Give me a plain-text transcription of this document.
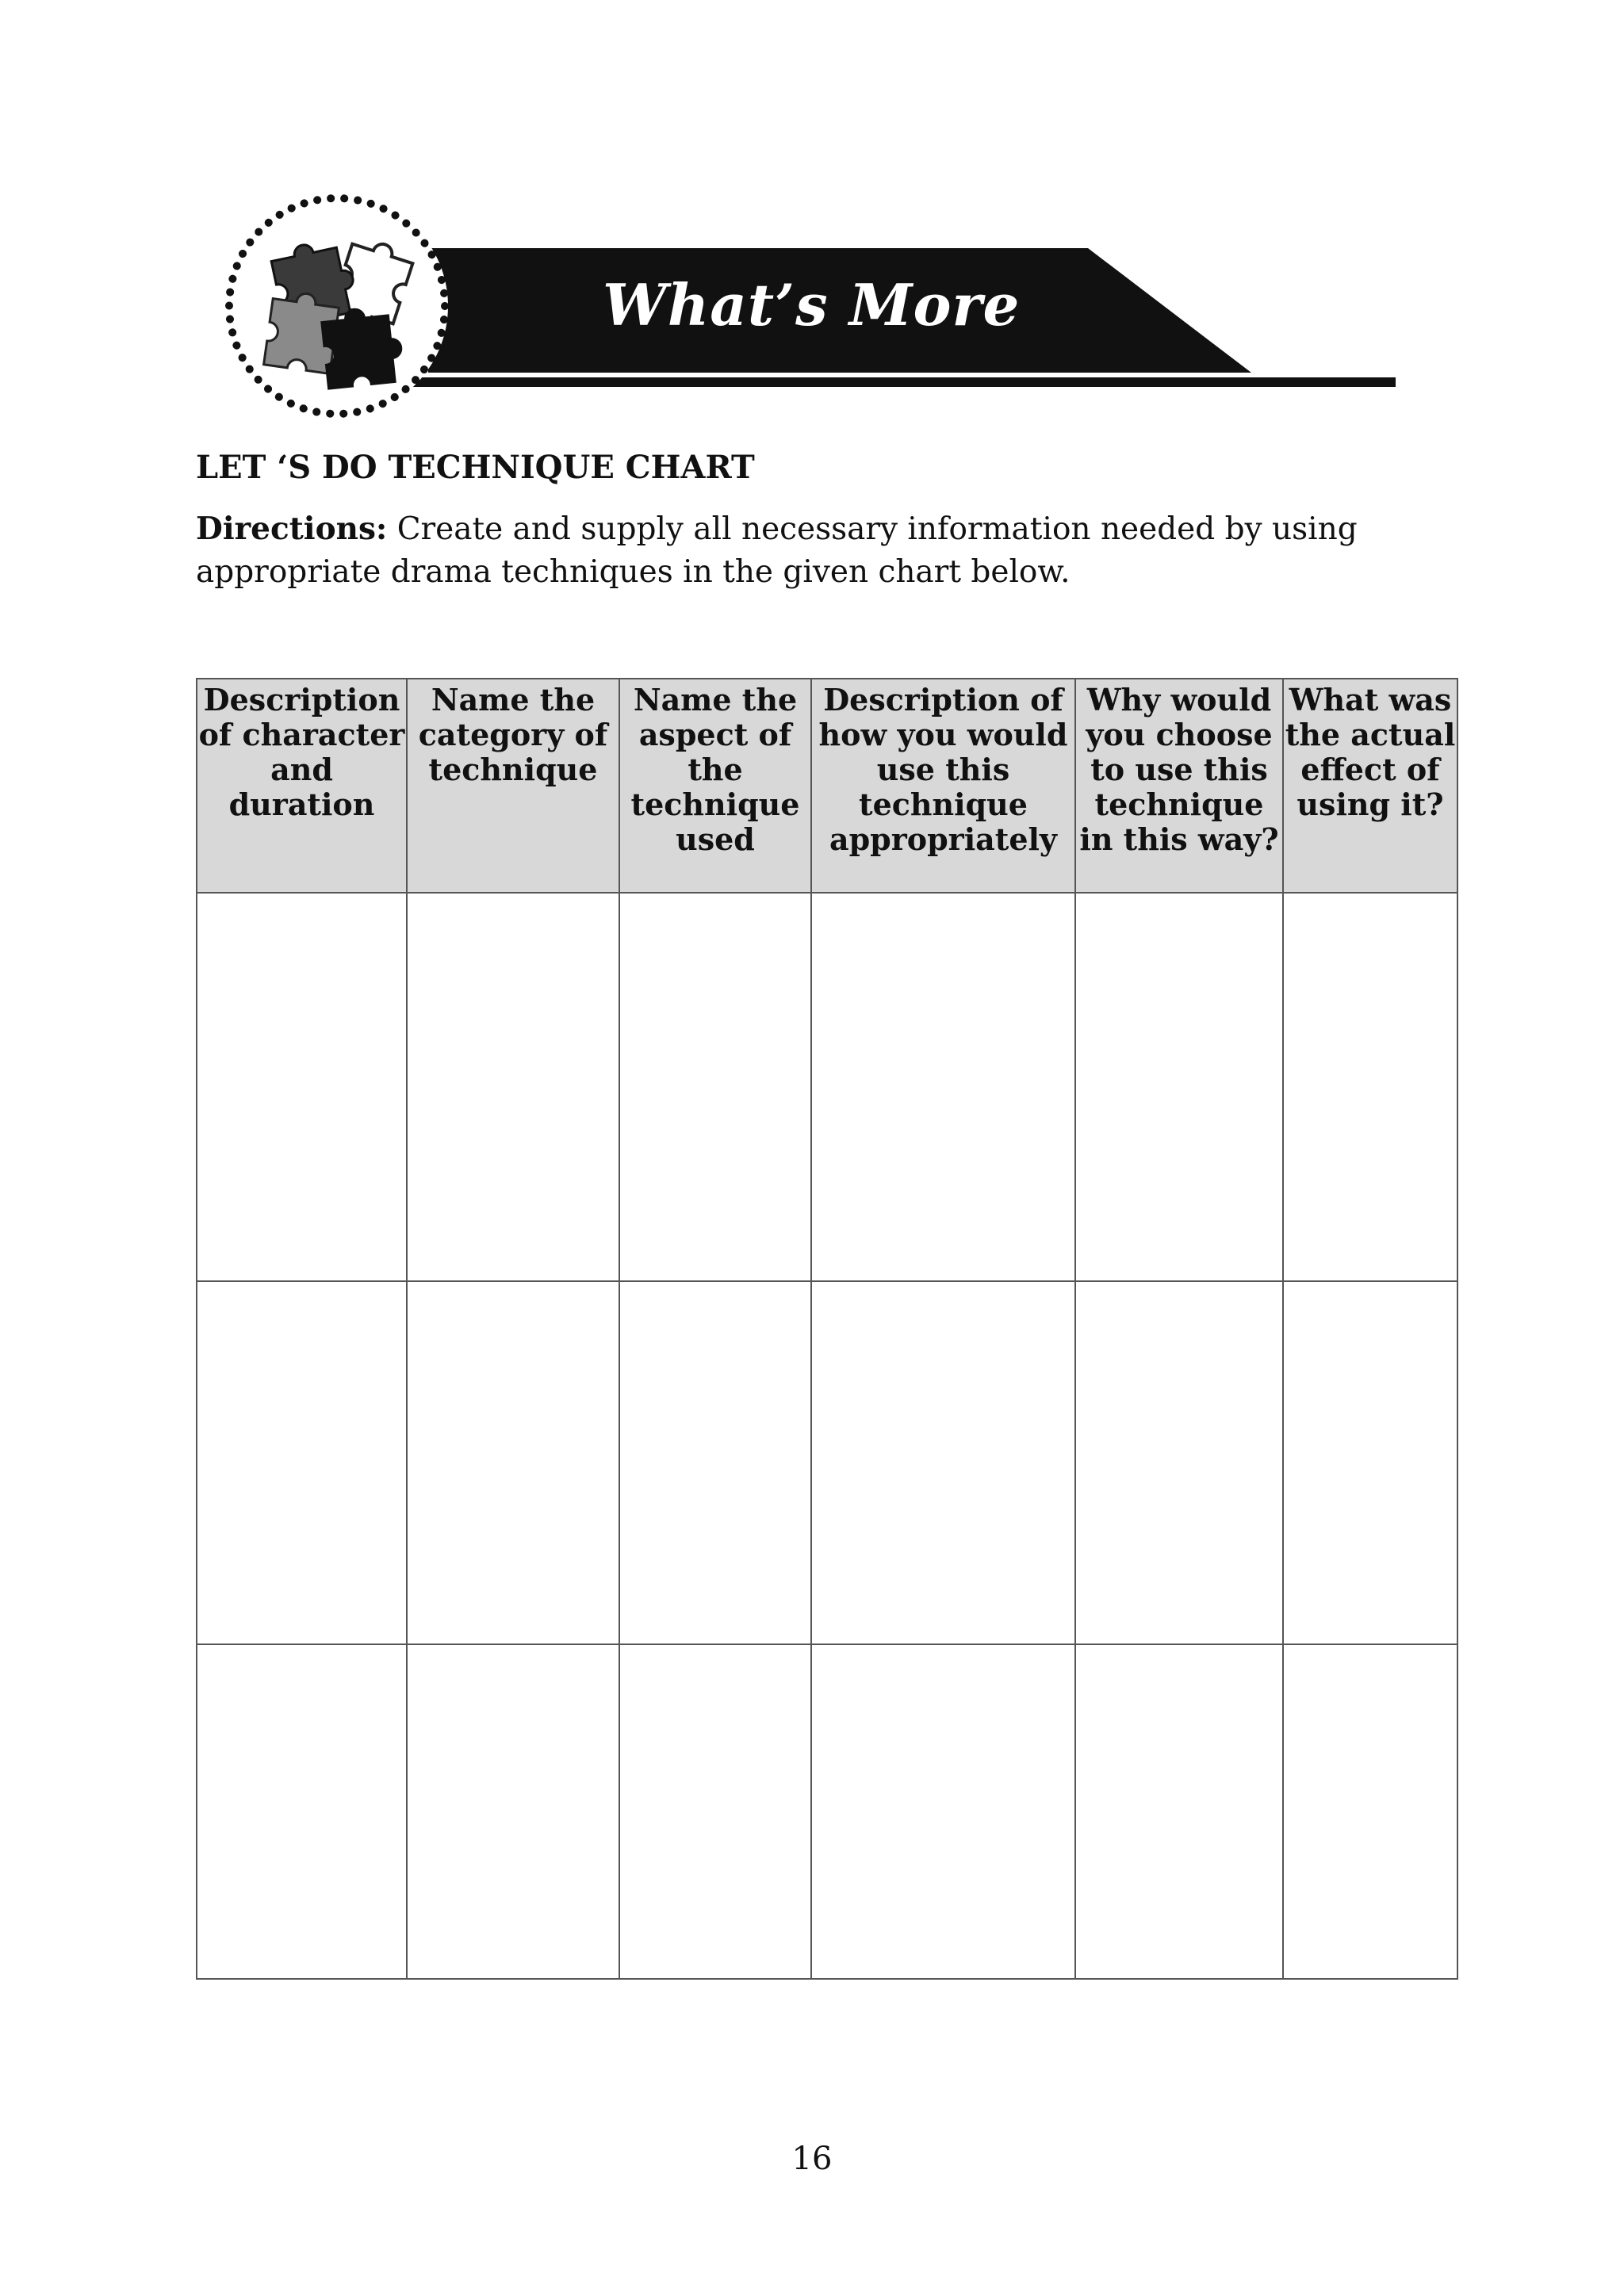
What’s More
LET ‘S DO TECHNIQUE CHART
Directions: Create and supply all necessary information needed by using appropriate drama techniques in the given chart below.
Description of character and duration	Name the category of technique	Name the aspect of the technique used	Description of how you would use this technique appropriately	Why would you choose to use this technique in this way?	What was the actual effect of using it?

16
